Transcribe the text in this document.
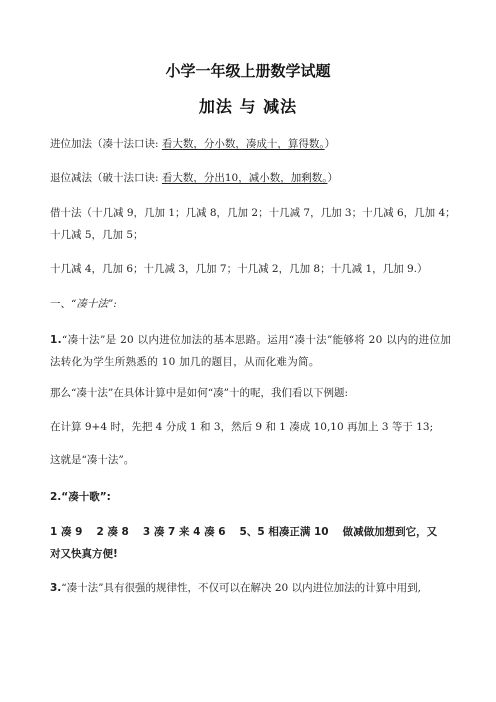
小学一年级上册数学试题
加法 与 减法
进位加法（凑十法口诀: 看大数，分小数，凑成十，算得数。）
退位减法（破十法口诀: 看大数，分出10，减小数，加剩数。）
借十法（十几减 9，几加 1；几减 8，几加 2；十几减 7，几加 3；十几减 6，几加 4；
十几减 5，几加 5；
十几减 4，几加 6；十几减 3，几加 7；十几减 2，几加 8；十几减 1，几加 9.）
一、“凑十法”:
1.“凑十法”是 20 以内进位加法的基本思路。运用“凑十法”能够将 20 以内的进位加法转化为学生所熟悉的 10 加几的题目，从而化难为简。
那么“凑十法”在具体计算中是如何“凑”十的呢，我们看以下例题:
在计算 9+4 时，先把 4 分成 1 和 3，然后 9 和 1 凑成 10,10 再加上 3 等于 13;
这就是“凑十法”。
2.“凑十歌”:
1 凑 9 2 凑 8 3 凑 7 来 4 凑 6 5、5 相凑正满 10 做减做加想到它，又
对又快真方便!
3.“凑十法”具有很强的规律性，不仅可以在解决 20 以内进位加法的计算中用到,
